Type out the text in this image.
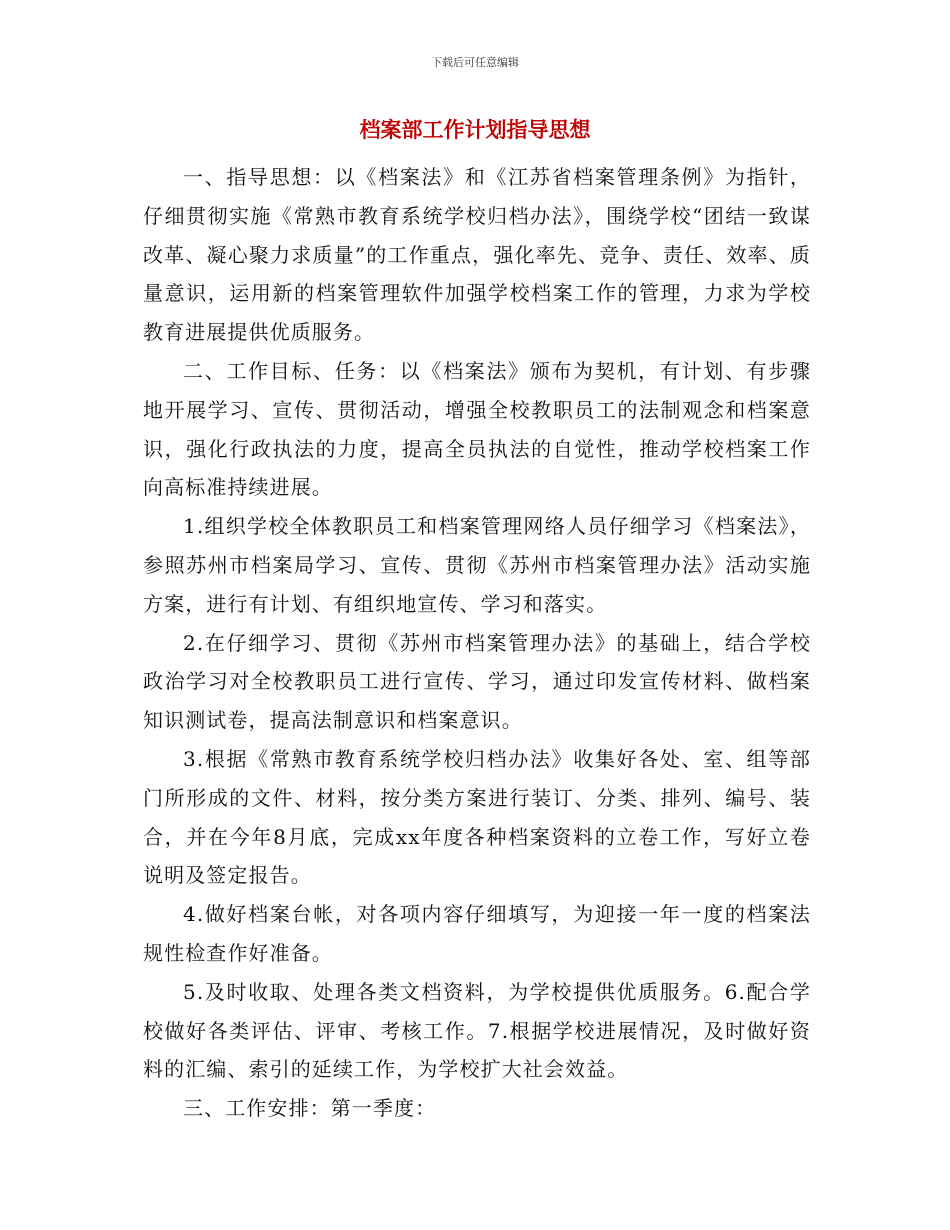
下载后可任意编辑
档案部工作计划指导思想

一、指导思想：以《档案法》和《江苏省档案管理条例》为指针，仔细贯彻实施《常熟市教育系统学校归档办法》，围绕学校“团结一致谋改革、凝心聚力求质量”的工作重点，强化率先、竞争、责任、效率、质量意识，运用新的档案管理软件加强学校档案工作的管理，力求为学校教育进展提供优质服务。

二、工作目标、任务：以《档案法》颁布为契机，有计划、有步骤地开展学习、宣传、贯彻活动，增强全校教职员工的法制观念和档案意识，强化行政执法的力度，提高全员执法的自觉性，推动学校档案工作向高标准持续进展。

1.组织学校全体教职员工和档案管理网络人员仔细学习《档案法》，参照苏州市档案局学习、宣传、贯彻《苏州市档案管理办法》活动实施方案，进行有计划、有组织地宣传、学习和落实。

2.在仔细学习、贯彻《苏州市档案管理办法》的基础上，结合学校政治学习对全校教职员工进行宣传、学习，通过印发宣传材料、做档案知识测试卷，提高法制意识和档案意识。

3.根据《常熟市教育系统学校归档办法》收集好各处、室、组等部门所形成的文件、材料，按分类方案进行装订、分类、排列、编号、装合，并在今年8月底，完成xx年度各种档案资料的立卷工作，写好立卷说明及签定报告。

4.做好档案台帐，对各项内容仔细填写，为迎接一年一度的档案法规性检查作好准备。

5.及时收取、处理各类文档资料，为学校提供优质服务。6.配合学校做好各类评估、评审、考核工作。7.根据学校进展情况，及时做好资料的汇编、索引的延续工作，为学校扩大社会效益。

三、工作安排：第一季度：
